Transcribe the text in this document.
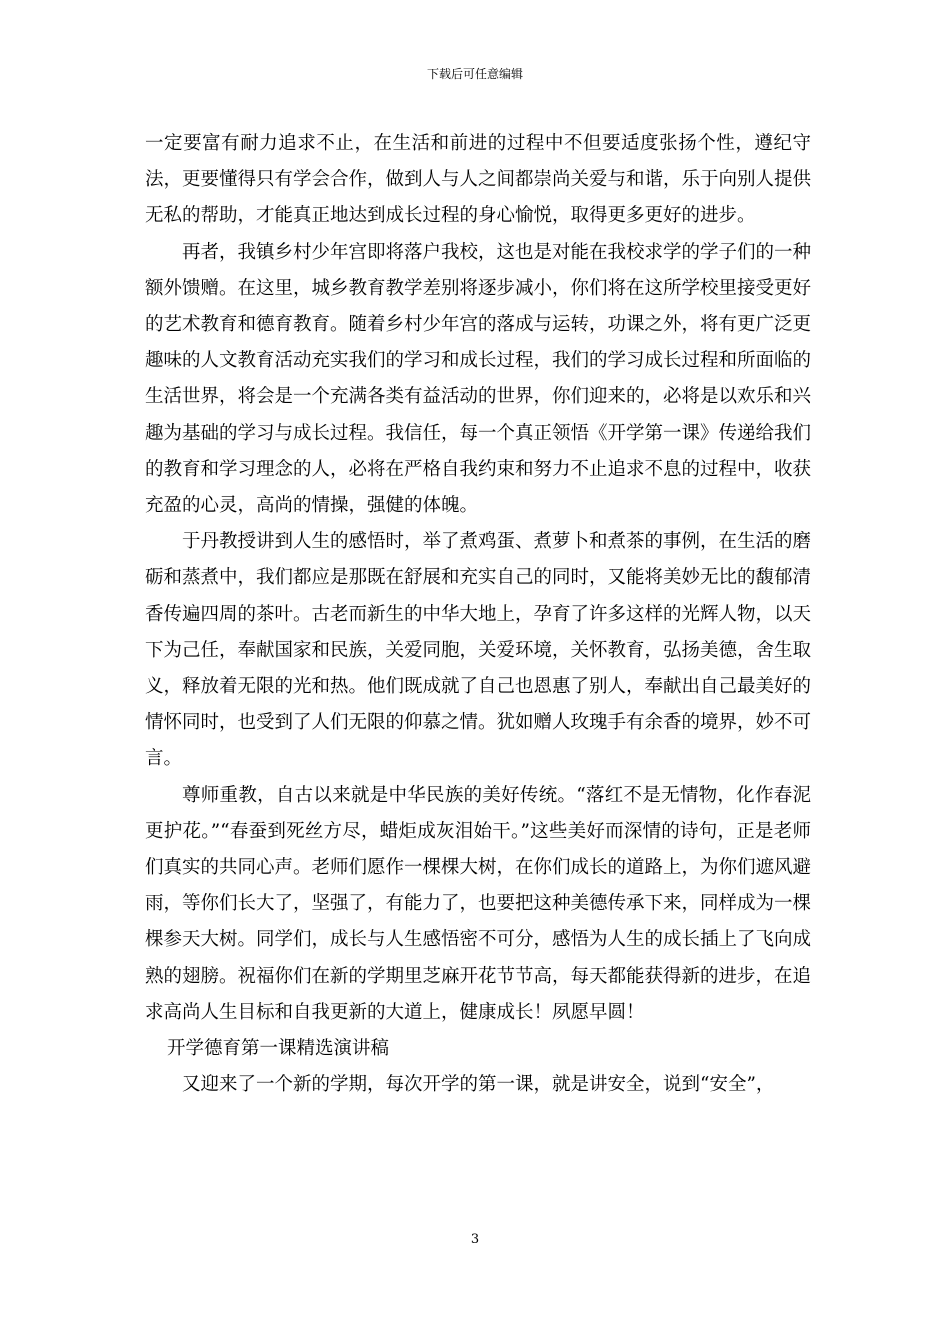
下载后可任意编辑

一定要富有耐力追求不止，在生活和前进的过程中不但要适度张扬个性，遵纪守法，更要懂得只有学会合作，做到人与人之间都崇尚关爱与和谐，乐于向别人提供无私的帮助，才能真正地达到成长过程的身心愉悦，取得更多更好的进步。

再者，我镇乡村少年宫即将落户我校，这也是对能在我校求学的学子们的一种额外馈赠。在这里，城乡教育教学差别将逐步减小，你们将在这所学校里接受更好的艺术教育和德育教育。随着乡村少年宫的落成与运转，功课之外，将有更广泛更趣味的人文教育活动充实我们的学习和成长过程，我们的学习成长过程和所面临的生活世界，将会是一个充满各类有益活动的世界，你们迎来的，必将是以欢乐和兴趣为基础的学习与成长过程。我信任，每一个真正领悟《开学第一课》传递给我们的教育和学习理念的人，必将在严格自我约束和努力不止追求不息的过程中，收获充盈的心灵，高尚的情操，强健的体魄。

于丹教授讲到人生的感悟时，举了煮鸡蛋、煮萝卜和煮茶的事例，在生活的磨砺和蒸煮中，我们都应是那既在舒展和充实自己的同时，又能将美妙无比的馥郁清香传遍四周的茶叶。古老而新生的中华大地上，孕育了许多这样的光辉人物，以天下为己任，奉献国家和民族，关爱同胞，关爱环境，关怀教育，弘扬美德，舍生取义，释放着无限的光和热。他们既成就了自己也恩惠了别人，奉献出自己最美好的情怀同时，也受到了人们无限的仰慕之情。犹如赠人玫瑰手有余香的境界，妙不可言。

尊师重教，自古以来就是中华民族的美好传统。“落红不是无情物，化作春泥更护花。”“春蚕到死丝方尽，蜡炬成灰泪始干。”这些美好而深情的诗句，正是老师们真实的共同心声。老师们愿作一棵棵大树，在你们成长的道路上，为你们遮风避雨，等你们长大了，坚强了，有能力了，也要把这种美德传承下来，同样成为一棵棵参天大树。同学们，成长与人生感悟密不可分，感悟为人生的成长插上了飞向成熟的翅膀。祝福你们在新的学期里芝麻开花节节高，每天都能获得新的进步，在追求高尚人生目标和自我更新的大道上，健康成长！夙愿早圆！

开学德育第一课精选演讲稿

又迎来了一个新的学期，每次开学的第一课，就是讲安全，说到“安全”，

3
